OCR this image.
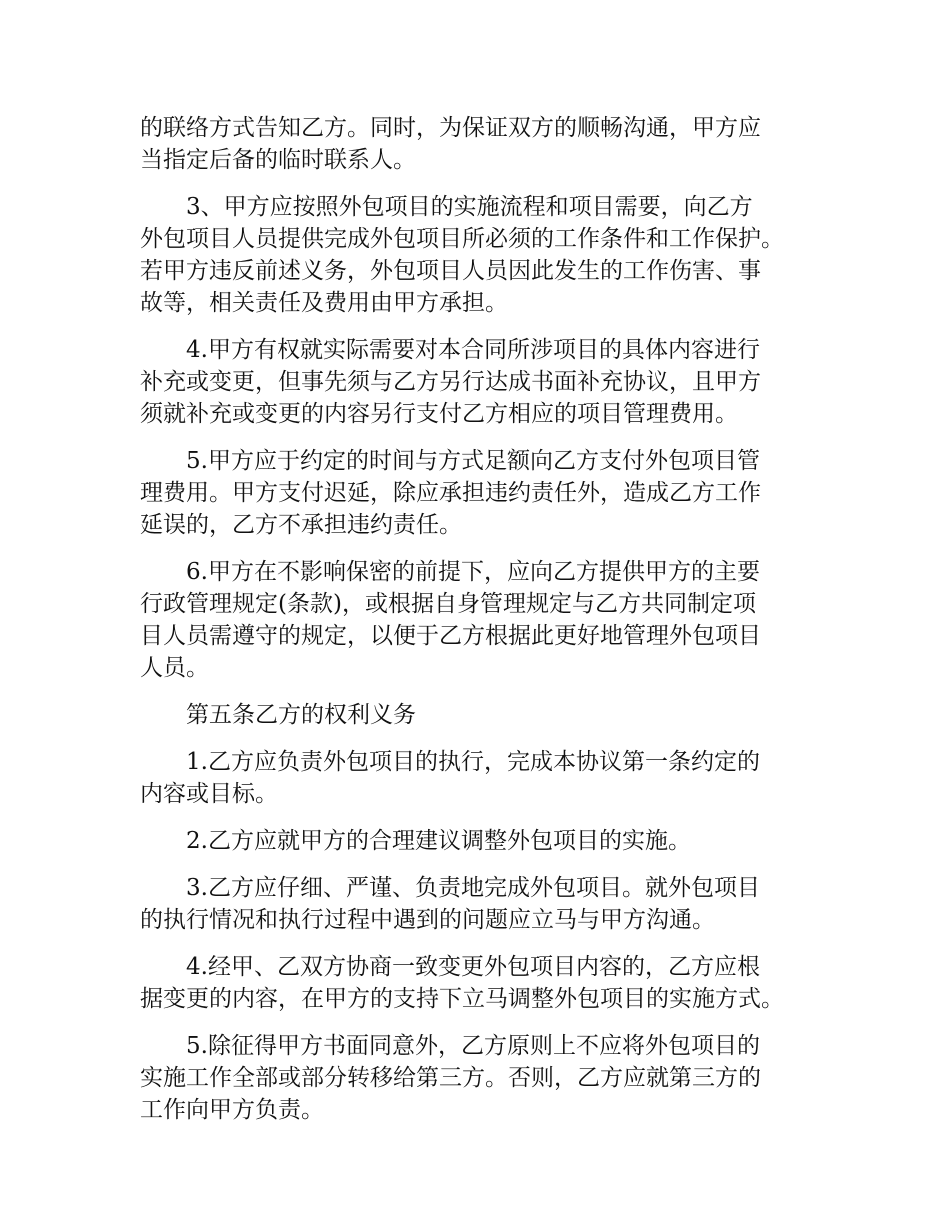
的联络方式告知乙方。同时，为保证双方的顺畅沟通，甲方应
当指定后备的临时联系人。
3、甲方应按照外包项目的实施流程和项目需要，向乙方
外包项目人员提供完成外包项目所必须的工作条件和工作保护。
若甲方违反前述义务，外包项目人员因此发生的工作伤害、事
故等，相关责任及费用由甲方承担。
4.甲方有权就实际需要对本合同所涉项目的具体内容进行
补充或变更，但事先须与乙方另行达成书面补充协议，且甲方
须就补充或变更的内容另行支付乙方相应的项目管理费用。
5.甲方应于约定的时间与方式足额向乙方支付外包项目管
理费用。甲方支付迟延，除应承担违约责任外，造成乙方工作
延误的，乙方不承担违约责任。
6.甲方在不影响保密的前提下，应向乙方提供甲方的主要
行政管理规定(条款)，或根据自身管理规定与乙方共同制定项
目人员需遵守的规定，以便于乙方根据此更好地管理外包项目
人员。
第五条乙方的权利义务
1.乙方应负责外包项目的执行，完成本协议第一条约定的
内容或目标。
2.乙方应就甲方的合理建议调整外包项目的实施。
3.乙方应仔细、严谨、负责地完成外包项目。就外包项目
的执行情况和执行过程中遇到的问题应立马与甲方沟通。
4.经甲、乙双方协商一致变更外包项目内容的，乙方应根
据变更的内容，在甲方的支持下立马调整外包项目的实施方式。
5.除征得甲方书面同意外，乙方原则上不应将外包项目的
实施工作全部或部分转移给第三方。否则，乙方应就第三方的
工作向甲方负责。
